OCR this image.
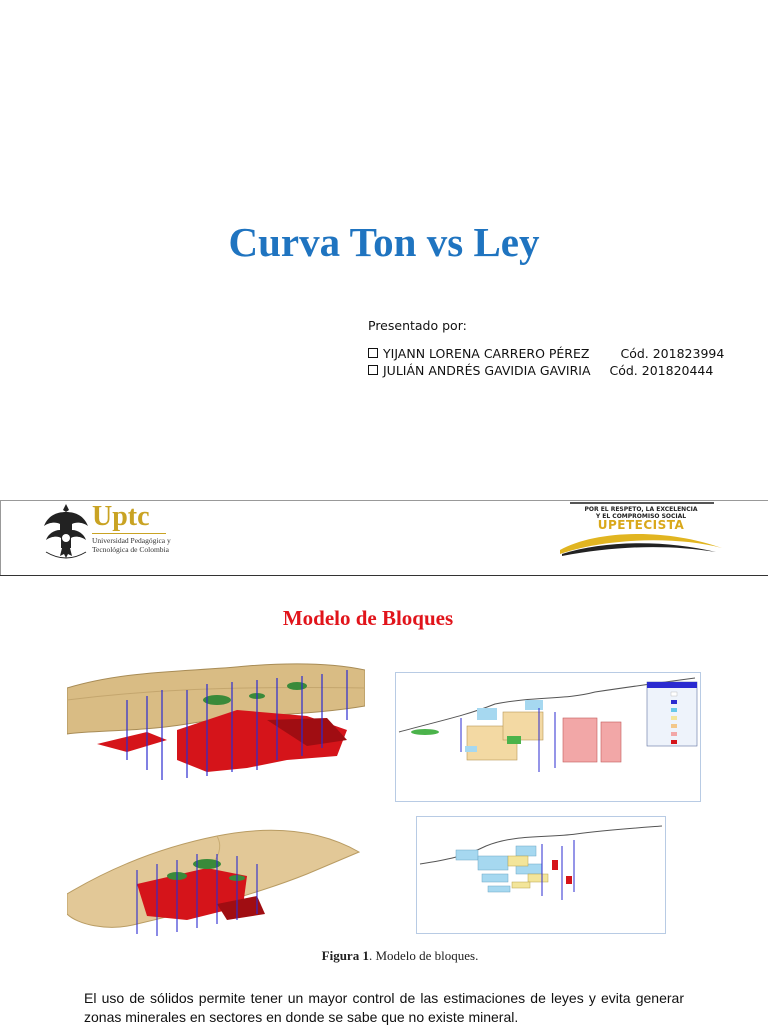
Curva Ton vs Ley
Presentado por:
YIJANN LORENA CARRERO PÉREZ Cód. 201823994
JULIÁN ANDRÉS GAVIDIA GAVIRIA Cód. 201820444
Uptc
Universidad Pedagógica y
Tecnológica de Colombia
POR EL RESPETO, LA EXCELENCIA
Y EL COMPROMISO SOCIAL
UPETECISTA
Modelo de Bloques
Figura 1. Modelo de bloques.
El uso de sólidos permite tener un mayor control de las estimaciones de leyes y evita generar zonas minerales en sectores en donde se sabe que no existe mineral.
